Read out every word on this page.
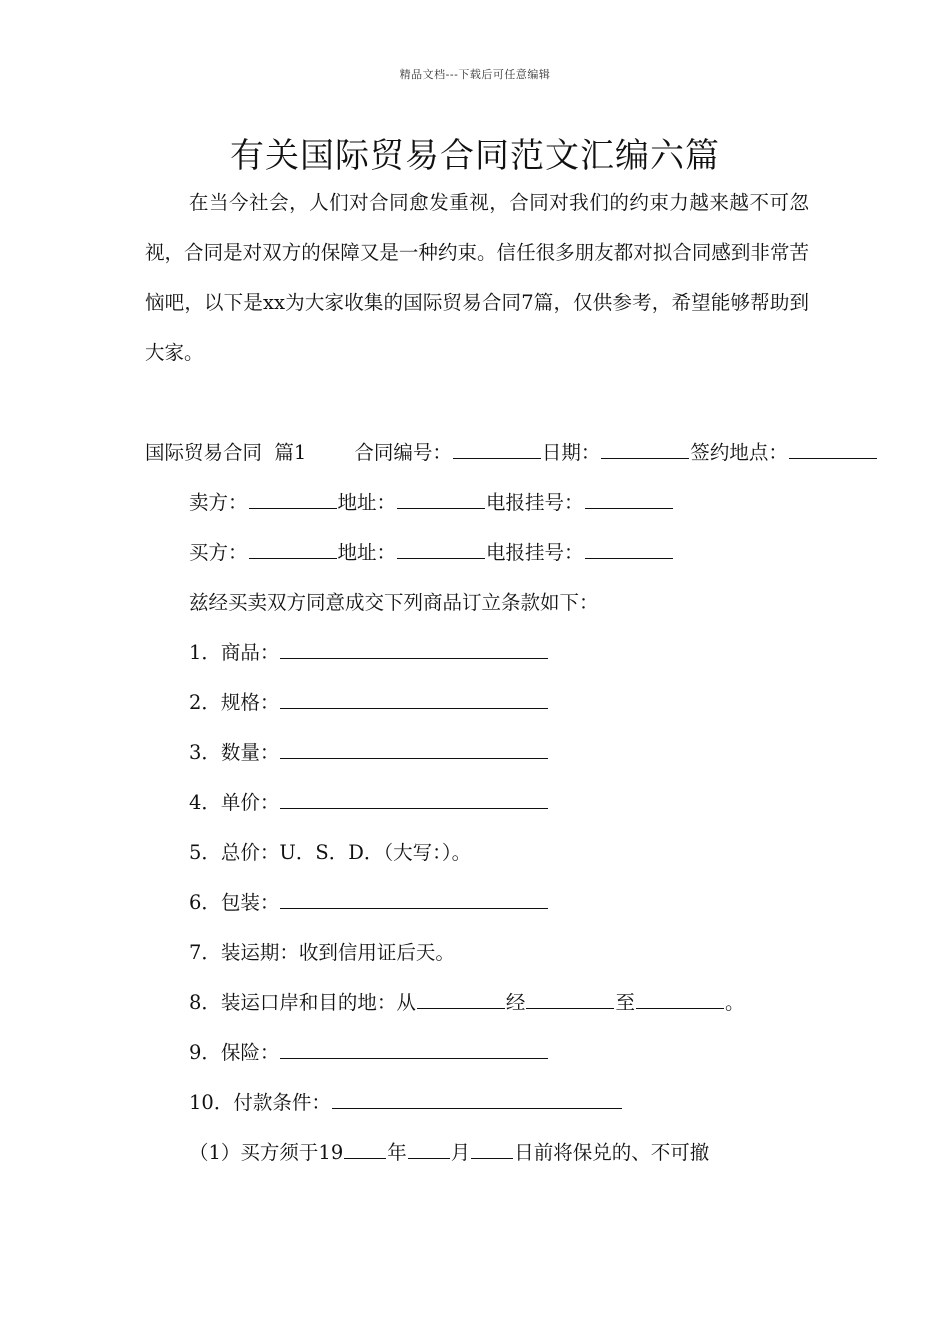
精品文档---下载后可任意编辑
有关国际贸易合同范文汇编六篇

在当今社会，人们对合同愈发重视，合同对我们的约束力越来越不可忽视，合同是对双方的保障又是一种约束。信任很多朋友都对拟合同感到非常苦恼吧，以下是xx为大家收集的国际贸易合同7篇，仅供参考，希望能够帮助到大家。

国际贸易合同  篇1 合同编号：	日期：	签约地点：

卖方：	地址：	电报挂号：

买方：	地址：	电报挂号：

兹经买卖双方同意成交下列商品订立条款如下：

1．商品：

2．规格：

3．数量：

4．单价：

5．总价：U．S．D．（大写：）。

6．包装：

7．装运期：收到信用证后天。

8．装运口岸和目的地：从	经	至	。

9．保险：

10．付款条件：

（1）买方须于19 年 月 日前将保兑的、不可撤
